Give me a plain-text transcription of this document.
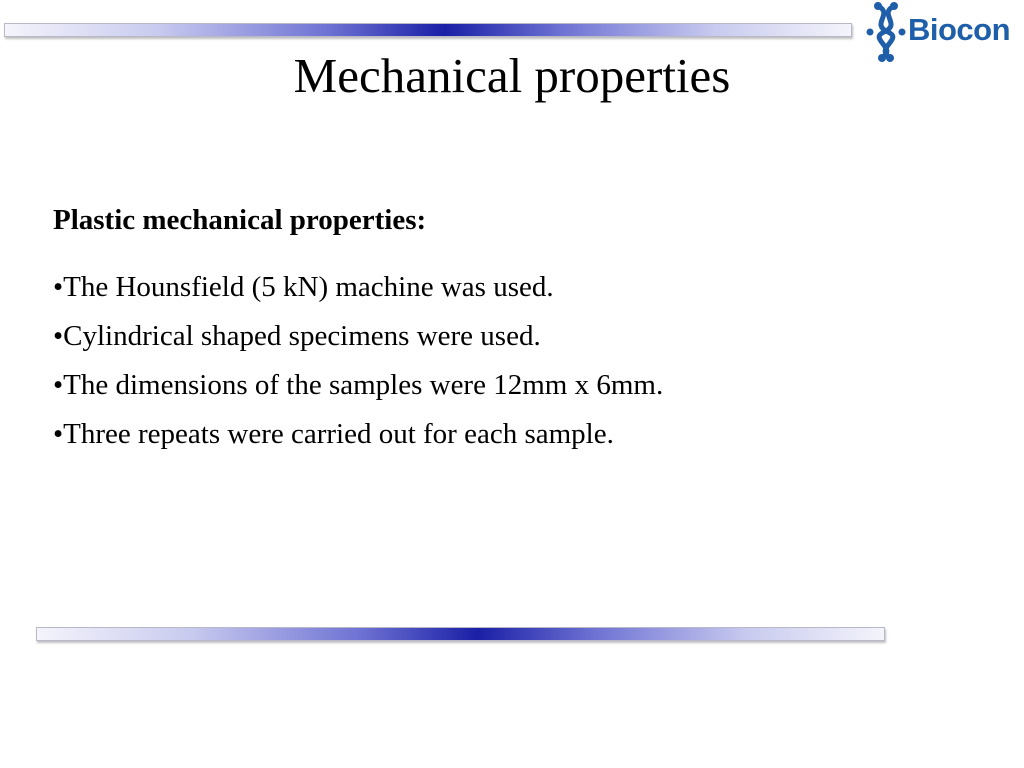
Biocon
Mechanical properties
Plastic mechanical properties:
•The Hounsfield (5 kN) machine was used.
•Cylindrical shaped specimens were used.
•The dimensions of the samples were 12mm x 6mm.
•Three repeats were carried out for each sample.
